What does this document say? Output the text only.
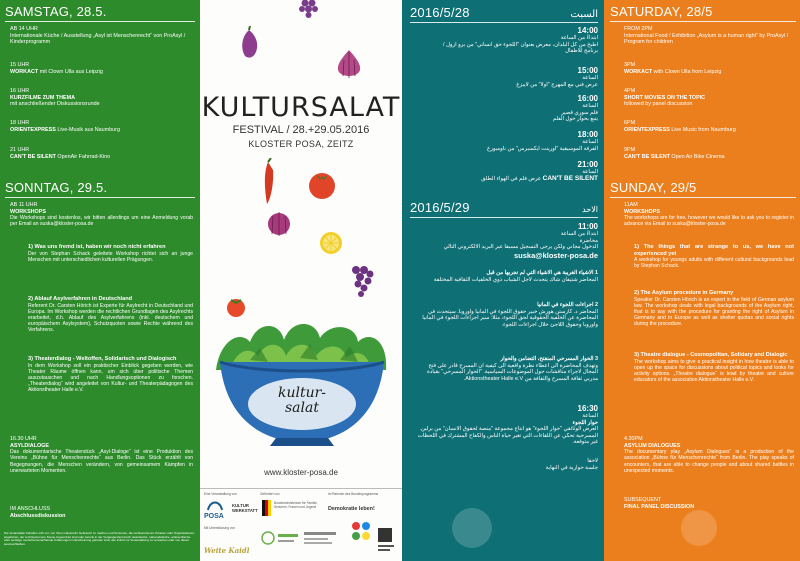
SAMSTAG, 28.5.
AB 14 UHR
Internationale Küche / Ausstellung „Asyl ist Menschenrecht“ von ProAsyl / Kinderprogramm
15 UHR
WORKACT mit Clown Ulla aus Leipzig
16 UHR
KURZFILME ZUM THEMA
mit anschließender Diskussionsrunde
18 UHR
ORIENTEXPRESS Live-Musik aus Naumburg
21 UHR
CAN'T BE SILENT OpenAir Fahrrad-Kino
SONNTAG, 29.5.
AB 11 UHR
WORKSHOPS
Die Workshops sind kostenlos, wir bitten allerdings um eine Anmeldung vorab per Email an suska@kloster-posa.de
1) Was uns fremd ist, haben wir noch nicht erfahren
Der von Stephan Schack geleitete Workshop richtet sich an junge Menschen mit unterschiedlichen kulturellen Prägungen.
2) Ablauf Asylverfahren in Deutschland
Referent Dr. Carsten Hörich ist Experte für Asylrecht in Deutschland und Europa. Im Workshop werden die rechtlichen Grundlagen des Asylrechts erarbeitet, d.h. Ablauf des Asylverfahrens (inkl. deutschem und europäischem Asylsystem), Schutzquoten sowie Rechte während des Verfahrens.
3) Theaterdialog - Weltoffen, Solidarisch und Dialogisch
In dem Workshop soll ein praktischer Einblick gegeben werden, wie Theater Räume öffnen kann, um sich über politische Themen auszutauschen und nach Handlungsoptionen zu forschen. „Theaterdialog“ wird angeleitet von Kultur- und Theaterpädagogen des Aktionstheater Halle e.V.
16.30 UHR
ASYLDIALOGE
Das dokumentarische Theaterstück „Asyl-Dialoge“ ist eine Produktion des Vereins „Bühne für Menschenrechte“ aus Berlin. Das Stück erzählt von Begegnungen, die Menschen verändern, von gemeinsamem Kämpfen in unerwarteten Momenten.
IM ANSCHLUSS
Abschlussdiskussion
Die Veranstalter behalten sich vor, von ihrem Hausrecht Gebrauch zu machen und Personen, die rechtsextremen Parteien oder Organisationen angehören, der rechtsextremen Szene zugeordnet sind oder bereits in der Vergangenheit durch rassistische, nationalistische, antisemitische oder sonstige menschenverachtende Äußerungen in Erscheinung getreten sind, den Zutritt zur Veranstaltung zu verwehren oder von dieser auszuschließen.
KULTURSALAT
FESTIVAL / 28.+29.05.2016
KLOSTER POSA, ZEITZ
kultur-
salat
www.kloster-posa.de
Eine Veranstaltung von	Gefördert von	im Rahmen des Bundesprogramms
POSA
KULTUR WERKSTATT
Bundesministerium für Familie, Senioren, Frauen und Jugend	Demokratie leben!
Mit Unterstützung von
Weite Kaidl
2016/5/28	السبت
14:00
ابتداءً من الساعة
اطبخ من كل البلدان، معرض بعنوان "اللجوء حق انساني" من برو ازول /
برنامج للاطفال
15:00
الساعة
عرض فني مع المهرج "اولا" من لايبزغ
16:00
الساعة
فلم سوري قصير
يتبع بحوار حول الفلم
18:00
الساعة
الفرقة الموسيقية "اورينت ايكسبرس" من ناومبورغ
21:00
الساعة
CAN'T BE SILENT عرض فلم في الهواء الطلق
2016/5/29	الاحد
11:00
ابتداءً من الساعة
محاضرة
الدخول مجاني ولكن يرجى التسجيل مسبقا عبر البريد الالكتروني التالي
suska@kloster-posa.de
1 الاشياء الغريبة هي الاشياء التي لم نجربها من قبل
المحاضر شتيفان شاك يتحدث لاجل الشباب ذوي الخلفيات الثقافية المختلفة
2 اجراءات اللجوء في المانيا
المحاضر د. كارستن هورش خبير حقوق اللجوء في المانيا واوروبا. سيتحدث في المحاضرة عن الخلفية الحقوقية لحق اللجوء، مثلا: سير اجراءات اللجوء في المانيا واوروبا وحقوق اللاجئ خلال اجراءات اللجوء.
3 الحوار المسرحي المنفتح، التضامن والحوار
وتهدف المحاضرة الى اعطاء نظرة واقعية الى كيفية ان المسرح قادر على فتح المجال لاجراء مناقشات حول الموضوعات السياسية. "الحوار المسرحي" بقيادة مدربي ثقافة المسرح والثقافة من Aktionstheater Halle e.V.
16:30
الساعة
حوار اللجوء
العرض الوثائقي "حوار اللجوء" هو انتاج مجموعة "منصة لحقوق الانسان" من برلين. المسرحية تحكي عن اللقاءات التي تغير حياة الناس والكفاح المشترك في اللحظات غير متوقعة.
لاحقا
جلسة حوارية في النهاية
SATURDAY, 28/5
FROM 2PM
International Food / Exhibition „Asylum is a human right“ by ProAsyl / Program for children
3PM
WORKACT with Clown Ulla from Leipzig
4PM
SHORT MOVIES ON THE TOPIC
followed by panel discussion
6PM
ORIENTEXPRESS Live Music from Naumburg
9PM
CAN'T BE SILENT Open Air Bike Cinema
SUNDAY, 29/5
11AM
WORKSHOPS
The workshops are for free, however we would like to ask you to register in advance via Email to suska@kloster-posa.de
1) The things that are strange to us, we have not experienced yet
A workshop for youngs adults with different cultural backgrounds lead by Stephan Schack.
2) The Asylum procedure in Germany
Speaker Dr. Carsten Hörich is an expert in the field of German asylum law. The workshop deals with legal backgrounds of the Asylum right, that is to say with the procedure for granting the right of Asylum in Germany and in Europe as well as shelter quotas and social rights during the procedure.
3) Theatre dialogue - Cosmopolitan, Solidary and Dialogic
The workshop aims to give a practical insight in how theatre is able to open up the space for discussions about political topics and looks for activity options. „Theatre dialogue“ is lead by theatre and culture educators of the association Aktionstheater Halle e.V.
4.30PM
ASYLUM DIALOGUES
The documentary play „Asylum Dialogues“ is a production of the association „Bühne für Menschenrechte“ from Berlin. The play speaks of encounters, that are able to change people and about shared battles in unexpected moments.
SUBSEQUENT
FINAL PANEL DISCUSSION
